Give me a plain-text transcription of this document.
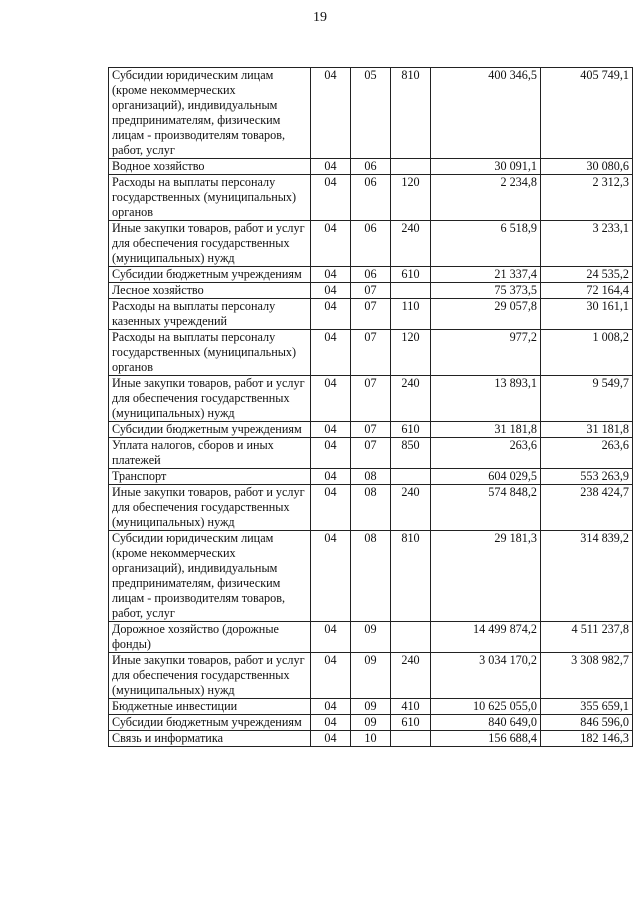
19
Субсидии юридическим лицам (кроме некоммерческих организаций), индивидуальным предпринимателям, физическим лицам - производителям товаров, работ, услуг	04	05	810	400 346,5	405 749,1
Водное хозяйство	04	06		30 091,1	30 080,6
Расходы на выплаты персоналу государственных (муниципальных) органов	04	06	120	2 234,8	2 312,3
Иные закупки товаров, работ и услуг для обеспечения государственных (муниципальных) нужд	04	06	240	6 518,9	3 233,1
Субсидии бюджетным учреждениям	04	06	610	21 337,4	24 535,2
Лесное хозяйство	04	07		75 373,5	72 164,4
Расходы на выплаты персоналу казенных учреждений	04	07	110	29 057,8	30 161,1
Расходы на выплаты персоналу государственных (муниципальных) органов	04	07	120	977,2	1 008,2
Иные закупки товаров, работ и услуг для обеспечения государственных (муниципальных) нужд	04	07	240	13 893,1	9 549,7
Субсидии бюджетным учреждениям	04	07	610	31 181,8	31 181,8
Уплата налогов, сборов и иных платежей	04	07	850	263,6	263,6
Транспорт	04	08		604 029,5	553 263,9
Иные закупки товаров, работ и услуг для обеспечения государственных (муниципальных) нужд	04	08	240	574 848,2	238 424,7
Субсидии юридическим лицам (кроме некоммерческих организаций), индивидуальным предпринимателям, физическим лицам - производителям товаров, работ, услуг	04	08	810	29 181,3	314 839,2
Дорожное хозяйство (дорожные фонды)	04	09		14 499 874,2	4 511 237,8
Иные закупки товаров, работ и услуг для обеспечения государственных (муниципальных) нужд	04	09	240	3 034 170,2	3 308 982,7
Бюджетные инвестиции	04	09	410	10 625 055,0	355 659,1
Субсидии бюджетным учреждениям	04	09	610	840 649,0	846 596,0
Связь и информатика	04	10		156 688,4	182 146,3
